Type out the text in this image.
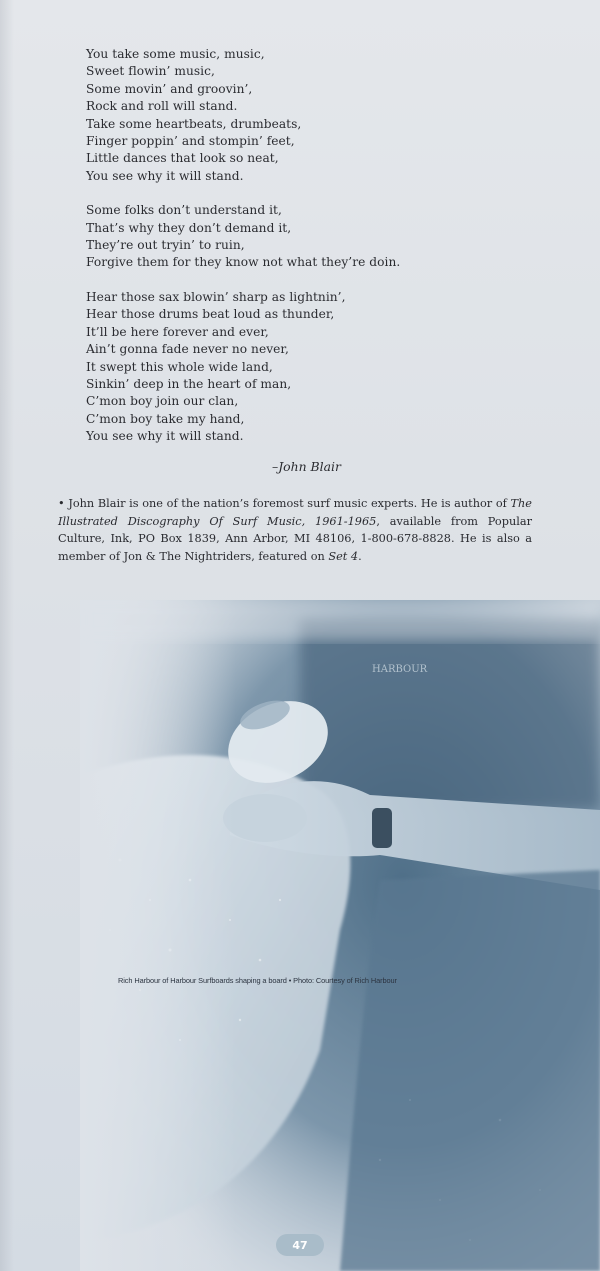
You take some music, music,
Sweet flowin’ music,
Some movin’ and groovin’,
Rock and roll will stand.
Take some heartbeats, drumbeats,
Finger poppin’ and stompin’ feet,
Little dances that look so neat,
You see why it will stand.
Some folks don’t understand it,
That’s why they don’t demand it,
They’re out tryin’ to ruin,
Forgive them for they know not what they’re doin.
Hear those sax blowin’ sharp as lightnin’,
Hear those drums beat loud as thunder,
It’ll be here forever and ever,
Ain’t gonna fade never no never,
It swept this whole wide land,
Sinkin’ deep in the heart of man,
C’mon boy join our clan,
C’mon boy take my hand,
You see why it will stand.
–John Blair
• John Blair is one of the nation’s foremost surf music experts. He is author of The Illustrated Discography Of Surf Music, 1961-1965, available from Popular Culture, Ink, PO Box 1839, Ann Arbor, MI 48106, 1-800-678-8828. He is also a member of Jon & The Nightriders, featured on Set 4.
Rich Harbour of Harbour Surfboards shaping a board • Photo: Courtesy of Rich Harbour
47
